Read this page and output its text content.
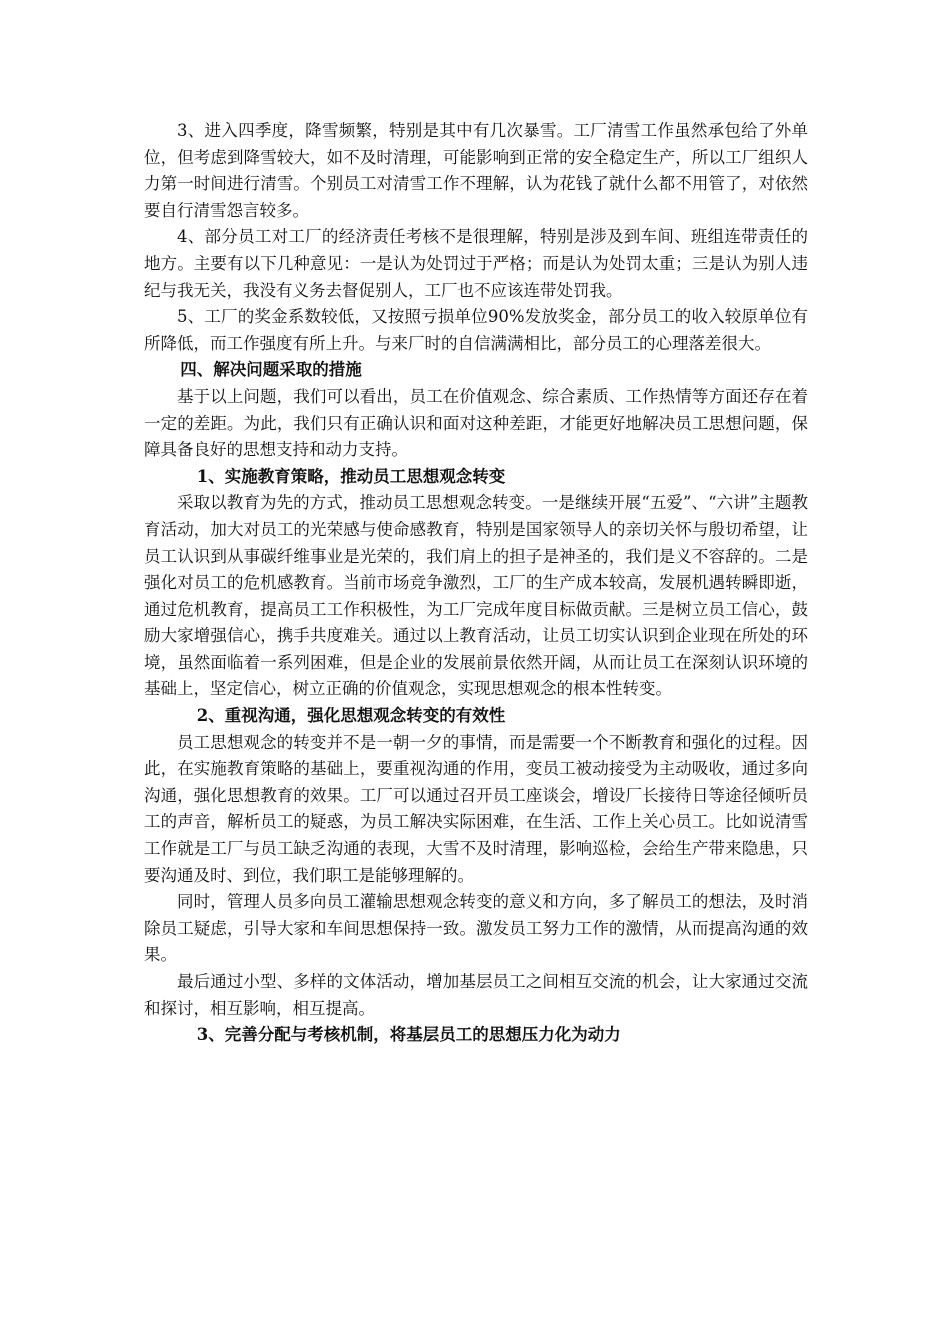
3、进入四季度，降雪频繁，特别是其中有几次暴雪。工厂清雪工作虽然承包给了外单位，但考虑到降雪较大，如不及时清理，可能影响到正常的安全稳定生产，所以工厂组织人力第一时间进行清雪。个别员工对清雪工作不理解，认为花钱了就什么都不用管了，对依然要自行清雪怨言较多。

4、部分员工对工厂的经济责任考核不是很理解，特别是涉及到车间、班组连带责任的地方。主要有以下几种意见：一是认为处罚过于严格；而是认为处罚太重；三是认为别人违纪与我无关，我没有义务去督促别人，工厂也不应该连带处罚我。

5、工厂的奖金系数较低，又按照亏损单位90%发放奖金，部分员工的收入较原单位有所降低，而工作强度有所上升。与来厂时的自信满满相比，部分员工的心理落差很大。

四、解决问题采取的措施

基于以上问题，我们可以看出，员工在价值观念、综合素质、工作热情等方面还存在着一定的差距。为此，我们只有正确认识和面对这种差距，才能更好地解决员工思想问题，保障具备良好的思想支持和动力支持。

1、实施教育策略，推动员工思想观念转变

采取以教育为先的方式，推动员工思想观念转变。一是继续开展“五爱”、“六讲”主题教育活动，加大对员工的光荣感与使命感教育，特别是国家领导人的亲切关怀与殷切希望，让员工认识到从事碳纤维事业是光荣的，我们肩上的担子是神圣的，我们是义不容辞的。二是强化对员工的危机感教育。当前市场竞争激烈，工厂的生产成本较高，发展机遇转瞬即逝，通过危机教育，提高员工工作积极性，为工厂完成年度目标做贡献。三是树立员工信心，鼓励大家增强信心，携手共度难关。通过以上教育活动，让员工切实认识到企业现在所处的环境，虽然面临着一系列困难，但是企业的发展前景依然开阔，从而让员工在深刻认识环境的基础上，坚定信心，树立正确的价值观念，实现思想观念的根本性转变。

2、重视沟通，强化思想观念转变的有效性

员工思想观念的转变并不是一朝一夕的事情，而是需要一个不断教育和强化的过程。因此，在实施教育策略的基础上，要重视沟通的作用，变员工被动接受为主动吸收，通过多向沟通，强化思想教育的效果。工厂可以通过召开员工座谈会，增设厂长接待日等途径倾听员工的声音，解析员工的疑惑，为员工解决实际困难，在生活、工作上关心员工。比如说清雪工作就是工厂与员工缺乏沟通的表现，大雪不及时清理，影响巡检，会给生产带来隐患，只要沟通及时、到位，我们职工是能够理解的。

同时，管理人员多向员工灌输思想观念转变的意义和方向，多了解员工的想法，及时消除员工疑虑，引导大家和车间思想保持一致。激发员工努力工作的激情，从而提高沟通的效果。

最后通过小型、多样的文体活动，增加基层员工之间相互交流的机会，让大家通过交流和探讨，相互影响，相互提高。

3、完善分配与考核机制，将基层员工的思想压力化为动力
